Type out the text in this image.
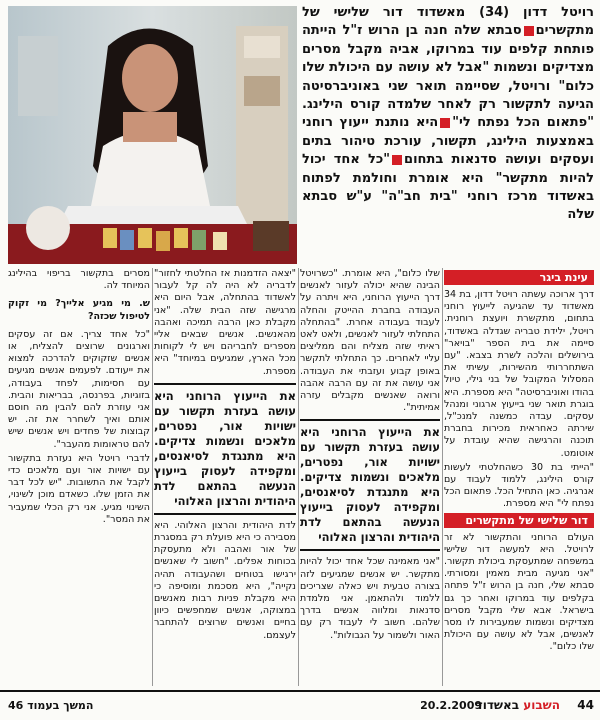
רויטל דדון (34) מאשדוד דור שלישי של מתקשריםסבתא שלה חנה בן הרוש ז"ל הייתה פותחת קלפים עוד במרוקו, אביה מקבל מסרים מצדיקים ונשמות "אבל לא עושה עם היכולת שלו כלום" ורויטל, שסיימה תואר שני באוניברסיטה הגיעה לתקשור רק לאחר שלמדה קורס הילינג. "פתאום הכל נפתח לי"היא נותנת ייעוץ רוחני באמצעות הילינג, תקשור, עורכת טיהור בתים ועסקים ועושה סדנאות בתחום"כל אחד יכול להיות מתקשר" היא אומרת וחולמת לפתוח באשדוד מרכז רוחני "בית חב"ה" ע"ש סבתא שלה
עינת ביגר

דרך ארוכה עשתה רויטל דדון, בת 34 מאשדוד עד שהגיעה לייעוץ רוחני בתחום, מתקשרת ויועצת רוחנית. רויטל, ילידת טבריה שגדלה באשדוד, סיימה את בית הספר "בויאר" בירושלים והלכה לשרת בצבא. "עם השתחררותי מהשירות, עשיתי את המסלול המקובל של בני גילי, טיול בהודו ואוניברסיטה" היא מספרת. היא בוגרת תואר שני בייעוץ ארגוני ומנהל עסקים. עבדה כמשנה למנכ"ל, שירתה כאחראית מכירות בחברת תוכנה והרגישה שהיא עובדת על אוטומט.

"הייתי בת 30 כשהחלטתי לעשות קורס הילינג, ללמוד לעבוד עם אנרגיה. כאן התחיל הכל. פתאום הכל נפתח לי" היא מספרת.

דור שלישי של מתקשרים

העולם הרוחני והתקשור לא זר לרויטל. היא למעשה דור שלישי במשפחה שמתעסקת ביכולת תקשור. "אני מגיעה מבית מאמין ומסורתי. סבתא שלי, חנה בן הרוש ז"ל פתחה בקלפים עוד במרוקו ואחר כך גם בישראל. אבא שלי מקבל מסרים מצדיקים ונשמות שמעבירות לו מסר לאנשים, אבל לא עושה עם היכולת שלו כלום".

שלו כלום", היא אומרת. "כשרויטל הבינה שהיא יכולה לעזור לאנשים דרך הייעוץ הרוחני, היא ויתרה על העבודה בחברת ההייטק והחלה לעבוד בעבודה אחרת. "בהתחלה התחלתי לעזור לאנשים, ולאט לאט ראיתי שזה מצליח והם ממליצים עליי לאחרים. כך התחלתי לתקשר באופן קבוע ועזבתי את העבודה. אני עושה את זה עם הרבה אהבה ורואה שאנשים מקבלים עזרה אמיתית".

את הייעוץ הרוחני היא עושה בעזרת תקשור עם ישויות אור, נפטרים, מלאכים ונשמות צדיקים. היא מתנגדת לסיאנסים, ומקפידה לעסוק בייעוץ הנעשה בהתאם לדת היהודית והרצון האלוהי

"אני מאמינה שכל אחד יכול להיות מתקשר. יש אנשים שמגיעים לזה בצורה טבעית ויש כאלה שצריכים ללמוד ולהתאמן. אני מלמדת סדנאות ומלווה אנשים בדרך שלהם. חשוב לי לעבוד רק עם האור ולשמור על הגבולות".

"יצאה הזדמנות אז החלטתי לחזור" לדבריה לא היה לה קל לעבור לאשדוד בהתחלה, אבל היום היא מרגישה שזה הבית שלה. "אני מקבלת כאן הרבה תמיכה ואהבה מהאנשים. אנשים שבאים אליי מספרים לחבריהם ויש לי לקוחות מכל הארץ, שמגיעים במיוחד" היא מספרת.

את הייעוץ הרוחני היא עושה בעזרת תקשור עם ישויות אור, נפטרים, מלאכים ונשמות צדיקים. היא מתנגדת לסיאנסים, ומקפידה לעסוק בייעוץ הנעשה בהתאם לדת היהודית והרצון האלוהי

לדת היהודית והרצון האלוהי. היא מסבירה כי היא פועלת רק במסגרת של אור ואהבה ולא מתעסקת בכוחות אפלים. "חשוב לי שאנשים ירגישו בטוחים ושהעבודה תהיה נקייה", היא מסכמת ומוסיפה כי היא מקבלת פניות רבות מאנשים במצוקה, אנשים שמחפשים כיוון בחיים ואנשים שרוצים להתחבר לעצמם.

מסרים בתקשור בריפוי בהילינג המיוחד לה.

ש. מי מגיע אלייך? מי זקוק לטיפול שכזה?

"כל אחד צריך. אם זה עסקים וארגונים שרוצים להצליח, או אנשים שזקוקים להדרכה למצוא את ייעודם. לפעמים אנשים מגיעים עם חסימות, לפחד בעבודה, בזוגיות, בפרנסה, בבריאות והבית. אני עוזרת להם להבין מה חוסם אותם ואיך לשחרר את זה. יש קבוצות של פחדים ויש אנשים שיש להם טראומות מהעבר".

לדברי רויטל היא נעזרת בתקשור עם ישויות אור ועם מלאכים כדי לקבל את התשובות. "יש לכל דבר את הזמן שלו. כשאדם מוכן לשינוי, השינוי מגיע. אני רק הכלי שמעביר את המסר".

44
השבוע באשדוד
20.2.2009
המשך בעמוד 46
